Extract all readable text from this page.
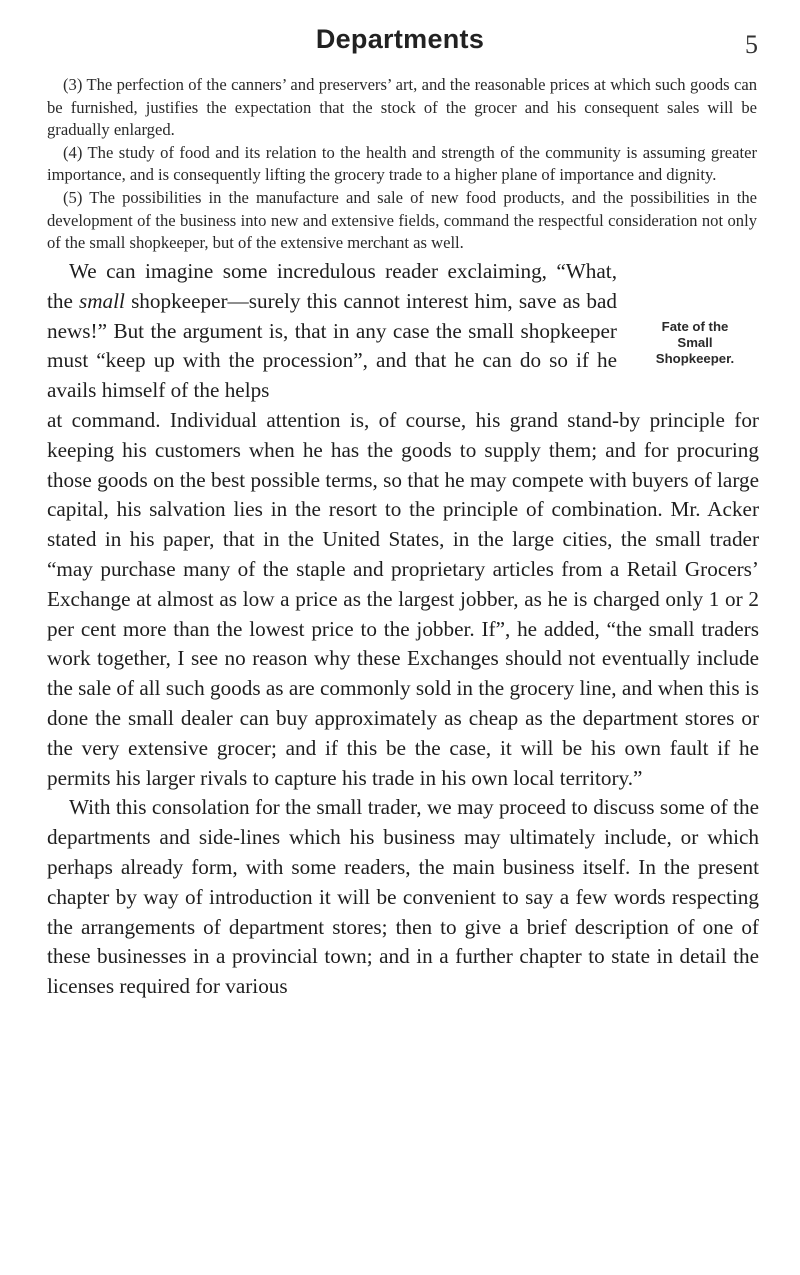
Departments	5

(3) The perfection of the canners’ and preservers’ art, and the reasonable prices at which such goods can be furnished, justifies the expectation that the stock of the grocer and his consequent sales will be gradually enlarged.

(4) The study of food and its relation to the health and strength of the community is assuming greater importance, and is consequently lifting the grocery trade to a higher plane of importance and dignity.

(5) The possibilities in the manufacture and sale of new food products, and the possibilities in the development of the business into new and extensive fields, command the respectful consideration not only of the small shopkeeper, but of the extensive merchant as well.

We can imagine some incredulous reader exclaiming, “What, the small shopkeeper—surely this cannot interest him, save as bad news!” But the argument is, that in any case the small shopkeeper must “keep up with the procession”, and that he can do so if he avails himself of the helps

at command. Individual attention is, of course, his grand stand-by principle for keeping his customers when he has the goods to supply them; and for procuring those goods on the best possible terms, so that he may compete with buyers of large capital, his salvation lies in the resort to the principle of combination. Mr. Acker stated in his paper, that in the United States, in the large cities, the small trader “may purchase many of the staple and proprietary articles from a Retail Grocers’ Exchange at almost as low a price as the largest jobber, as he is charged only 1 or 2 per cent more than the lowest price to the jobber. If”, he added, “the small traders work together, I see no reason why these Exchanges should not eventually include the sale of all such goods as are commonly sold in the grocery line, and when this is done the small dealer can buy approximately as cheap as the department stores or the very extensive grocer; and if this be the case, it will be his own fault if he permits his larger rivals to capture his trade in his own local territory.”

With this consolation for the small trader, we may proceed to discuss some of the departments and side-lines which his business may ultimately include, or which perhaps already form, with some readers, the main business itself. In the present chapter by way of introduction it will be convenient to say a few words respecting the arrangements of department stores; then to give a brief description of one of these businesses in a provincial town; and in a further chapter to state in detail the licenses required for various

Fate of the
Small
Shopkeeper.
